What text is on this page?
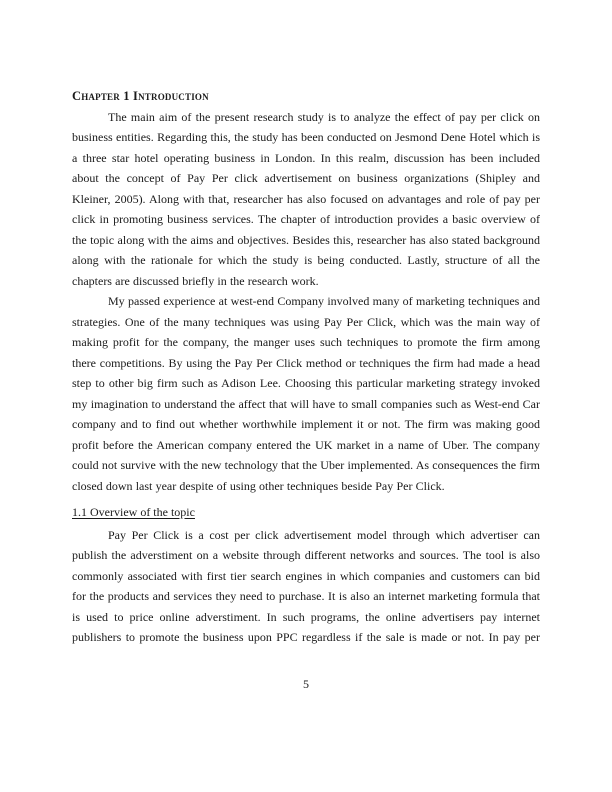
Chapter 1 Introduction

The main aim of the present research study is to analyze the effect of pay per click on business entities. Regarding this, the study has been conducted on Jesmond Dene Hotel which is a three star hotel operating business in London. In this realm, discussion has been included about the concept of Pay Per click advertisement on business organizations (Shipley and Kleiner, 2005). Along with that, researcher has also focused on advantages and role of pay per click in promoting business services. The chapter of introduction provides a basic overview of the topic along with the aims and objectives. Besides this, researcher has also stated background along with the rationale for which the study is being conducted. Lastly, structure of all the chapters are discussed briefly in the research work.

My passed experience at west-end Company involved many of marketing techniques and strategies. One of the many techniques was using Pay Per Click, which was the main way of making profit for the company, the manger uses such techniques to promote the firm among there competitions. By using the Pay Per Click method or techniques the firm had made a head step to other big firm such as Adison Lee. Choosing this particular marketing strategy invoked my imagination to understand the affect that will have to small companies such as West-end Car company and to find out whether worthwhile implement it or not. The firm was making good profit before the American company entered the UK market in a name of Uber. The company could not survive with the new technology that the Uber implemented. As consequences the firm closed down last year despite of using other techniques beside Pay Per Click.

1.1 Overview of the topic

Pay Per Click is a cost per click advertisement model through which advertiser can publish the adverstiment on a website through different networks and sources. The tool is also commonly associated with first tier search engines in which companies and customers can bid for the products and services they need to purchase. It is also an internet marketing formula that is used to price online adverstiment. In such programs, the online advertisers pay internet publishers to promote the business upon PPC regardless if the sale is made or not. In pay per

5
